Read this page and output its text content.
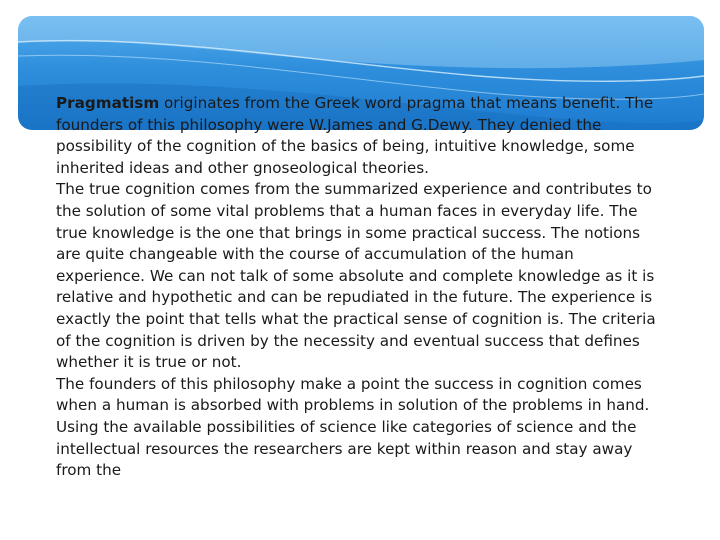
Pragmatism originates from the Greek word pragma that means benefit. The founders of this philosophy were W.James and G.Dewy. They denied the possibility of the cognition of the basics of being, intuitive knowledge, some inherited ideas and other gnoseological theories.

The true cognition comes from the summarized experience and contributes to the solution of some vital problems that a human faces in everyday life. The true knowledge is the one that brings in some practical success. The notions are quite changeable with the course of accumulation of the human experience. We can not talk of some absolute and complete knowledge as it is relative and hypothetic and can be repudiated in the future. The experience is exactly the point that tells what the practical sense of cognition is. The criteria of the cognition is driven by the necessity and eventual success that defines whether it is true or not.

The founders of this philosophy make a point the success in cognition comes when a human is absorbed with problems in solution of the problems in hand. Using the available possibilities of science like categories of science and the intellectual resources the researchers are kept within reason and stay away from the
